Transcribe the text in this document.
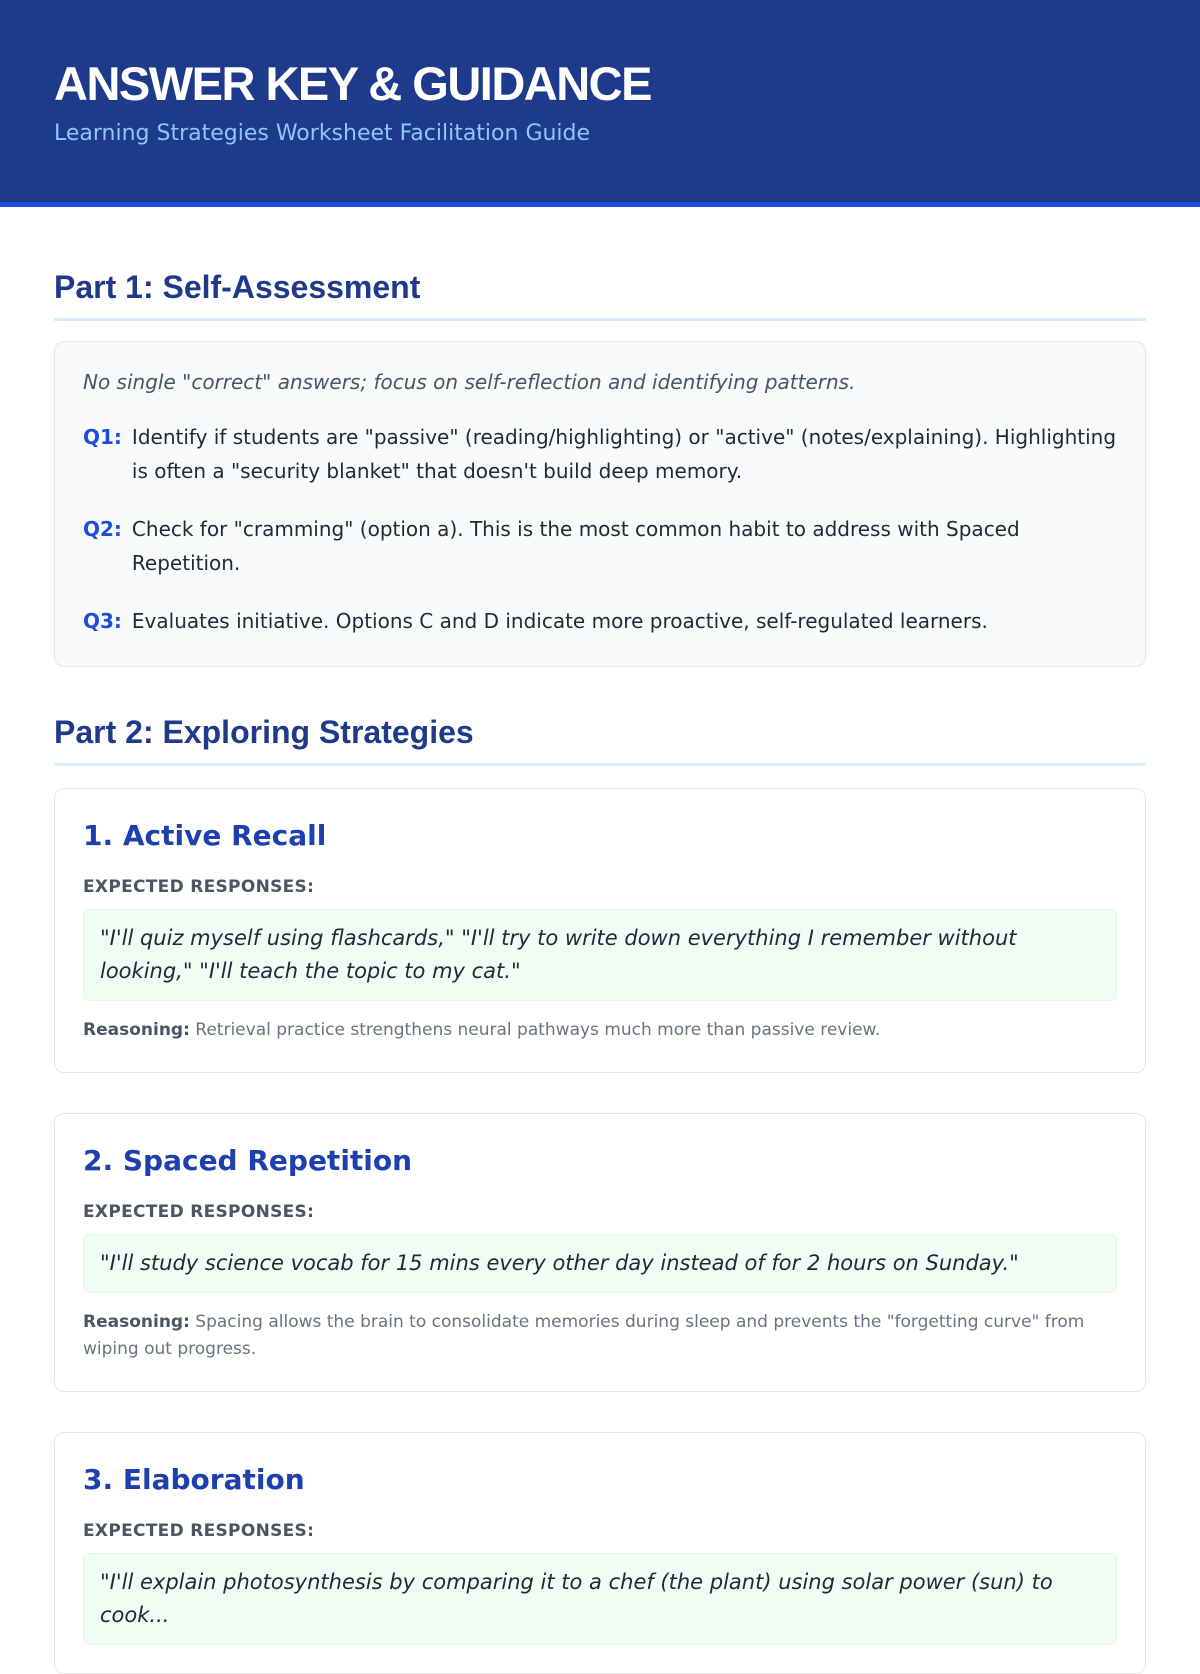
ANSWER KEY & GUIDANCE
Learning Strategies Worksheet Facilitation Guide
Part 1: Self-Assessment
No single "correct" answers; focus on self-reflection and identifying patterns.
Q1: Identify if students are "passive" (reading/highlighting) or "active" (notes/explaining). Highlighting is often a "security blanket" that doesn't build deep memory.
Q2: Check for "cramming" (option a). This is the most common habit to address with Spaced Repetition.
Q3: Evaluates initiative. Options C and D indicate more proactive, self-regulated learners.
Part 2: Exploring Strategies
1. Active Recall
EXPECTED RESPONSES:
"I'll quiz myself using flashcards," "I'll try to write down everything I remember without looking," "I'll teach the topic to my cat."
Reasoning: Retrieval practice strengthens neural pathways much more than passive review.
2. Spaced Repetition
EXPECTED RESPONSES:
"I'll study science vocab for 15 mins every other day instead of for 2 hours on Sunday."
Reasoning: Spacing allows the brain to consolidate memories during sleep and prevents the "forgetting curve" from wiping out progress.
3. Elaboration
EXPECTED RESPONSES:
"I'll explain photosynthesis by comparing it to a chef (the plant) using solar power (sun) to cook...
